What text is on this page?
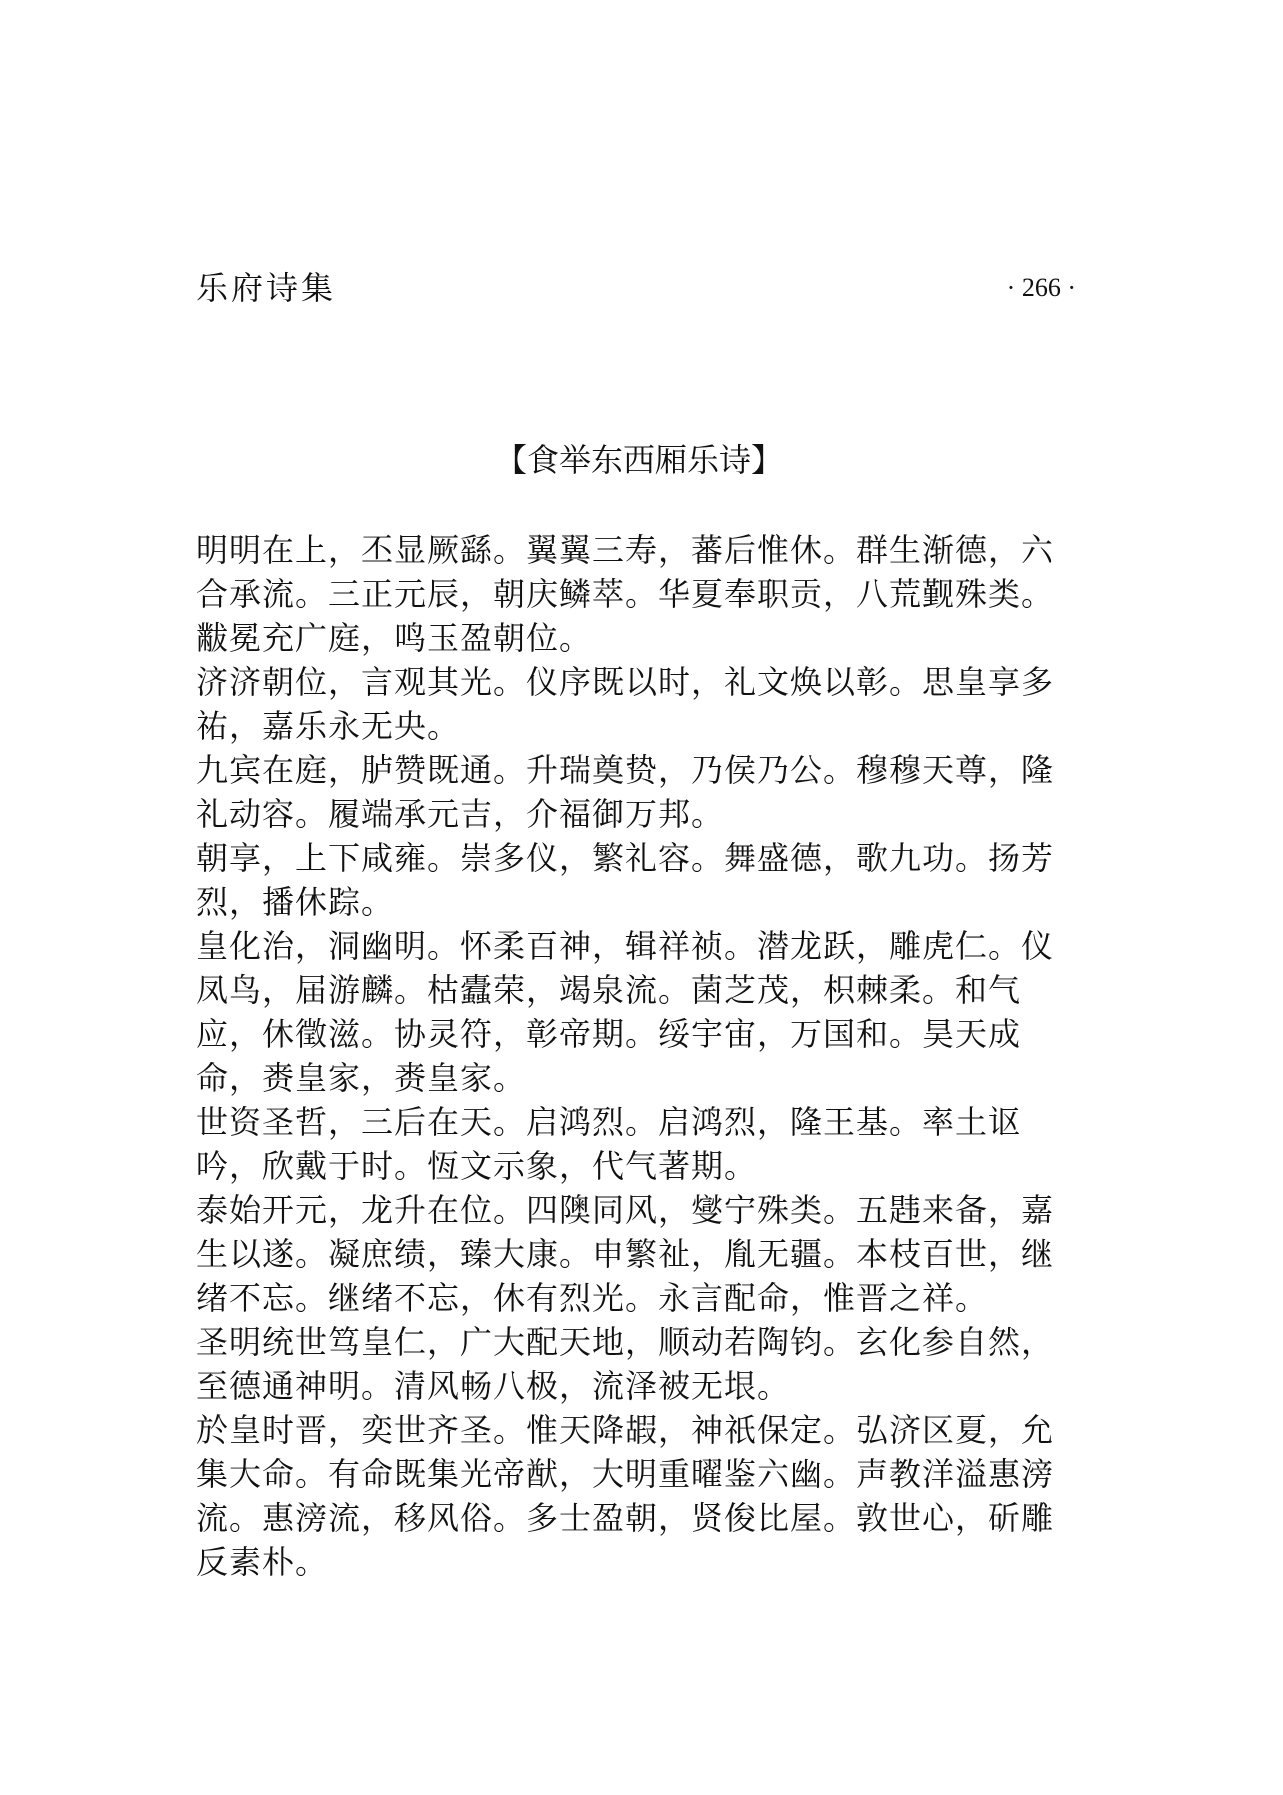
乐府诗集	· 266 ·
【食举东西厢乐诗】

明明在上，丕显厥繇。翼翼三寿，蕃后惟休。群生渐德，六合承流。三正元辰，朝庆鳞萃。华夏奉职贡，八荒觐殊类。黻冕充广庭，鸣玉盈朝位。

济济朝位，言观其光。仪序既以时，礼文焕以彰。思皇享多祐，嘉乐永无央。

九宾在庭，胪赞既通。升瑞奠贽，乃侯乃公。穆穆天尊，隆礼动容。履端承元吉，介福御万邦。

朝享，上下咸雍。崇多仪，繁礼容。舞盛德，歌九功。扬芳烈，播休踪。

皇化治，洞幽明。怀柔百神，辑祥祯。潜龙跃，雕虎仁。仪凤鸟，届游麟。枯蠹荣，竭泉流。菌芝茂，枳棘柔。和气应，休徵滋。协灵符，彰帝期。绥宇宙，万国和。昊天成命，赉皇家，赉皇家。

世资圣哲，三后在天。启鸿烈。启鸿烈，隆王基。率土讴吟，欣戴于时。恆文示象，代气著期。

泰始开元，龙升在位。四隩同风，燮宁殊类。五韪来备，嘉生以遂。凝庶绩，臻大康。申繁祉，胤无疆。本枝百世，继绪不忘。继绪不忘，休有烈光。永言配命，惟晋之祥。

圣明统世笃皇仁，广大配天地，顺动若陶钧。玄化参自然，至德通神明。清风畅八极，流泽被无垠。

於皇时晋，奕世齐圣。惟天降嘏，神祇保定。弘济区夏，允集大命。有命既集光帝猷，大明重曜鉴六幽。声教洋溢惠滂流。惠滂流，移风俗。多士盈朝，贤俊比屋。敦世心，斫雕反素朴。
